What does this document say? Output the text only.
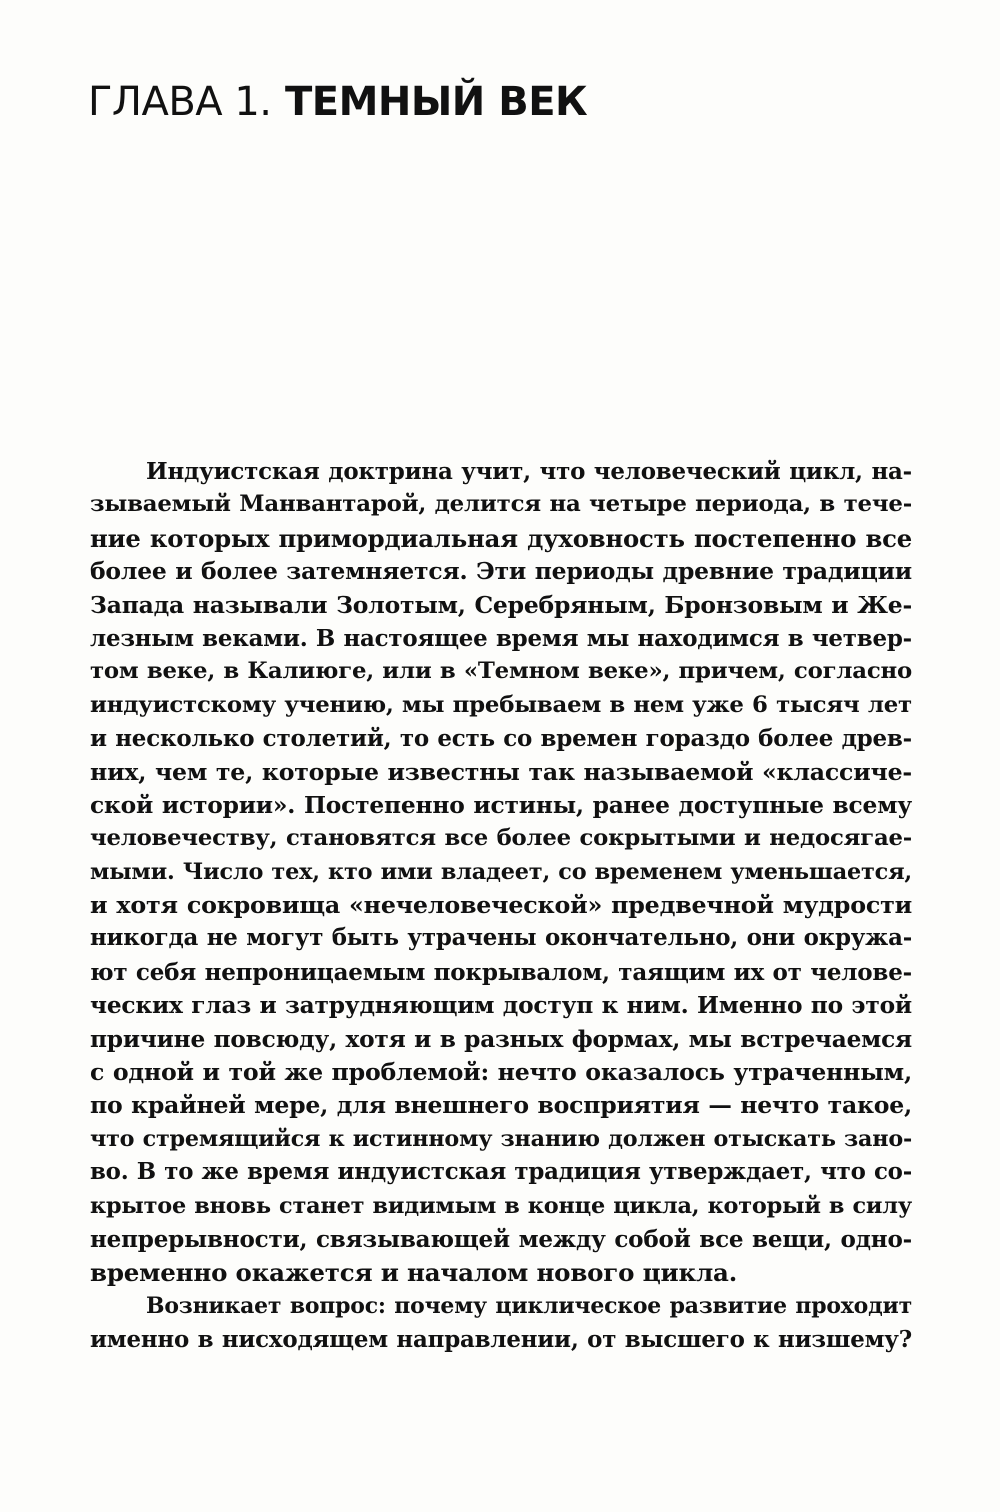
ГЛАВА 1. ТЕМНЫЙ ВЕК
Индуистская доктрина учит, что человеческий цикл, на-
зываемый Манвантарой, делится на четыре периода, в тече-
ние которых примордиальная духовность постепенно все
более и более затемняется. Эти периоды древние традиции
Запада называли Золотым, Серебряным, Бронзовым и Же-
лезным веками. В настоящее время мы находимся в четвер-
том веке, в Калиюге, или в «Темном веке», причем, согласно
индуистскому учению, мы пребываем в нем уже 6 тысяч лет
и несколько столетий, то есть со времен гораздо более древ-
них, чем те, которые известны так называемой «классиче-
ской истории». Постепенно истины, ранее доступные всему
человечеству, становятся все более сокрытыми и недосягае-
мыми. Число тех, кто ими владеет, со временем уменьшается,
и хотя сокровища «нечеловеческой» предвечной мудрости
никогда не могут быть утрачены окончательно, они окружа-
ют себя непроницаемым покрывалом, таящим их от челове-
ческих глаз и затрудняющим доступ к ним. Именно по этой
причине повсюду, хотя и в разных формах, мы встречаемся
с одной и той же проблемой: нечто оказалось утраченным,
по крайней мере, для внешнего восприятия — нечто такое,
что стремящийся к истинному знанию должен отыскать зано-
во. В то же время индуистская традиция утверждает, что со-
крытое вновь станет видимым в конце цикла, который в силу
непрерывности, связывающей между собой все вещи, одно-
временно окажется и началом нового цикла.
Возникает вопрос: почему циклическое развитие проходит
именно в нисходящем направлении, от высшего к низшему?
